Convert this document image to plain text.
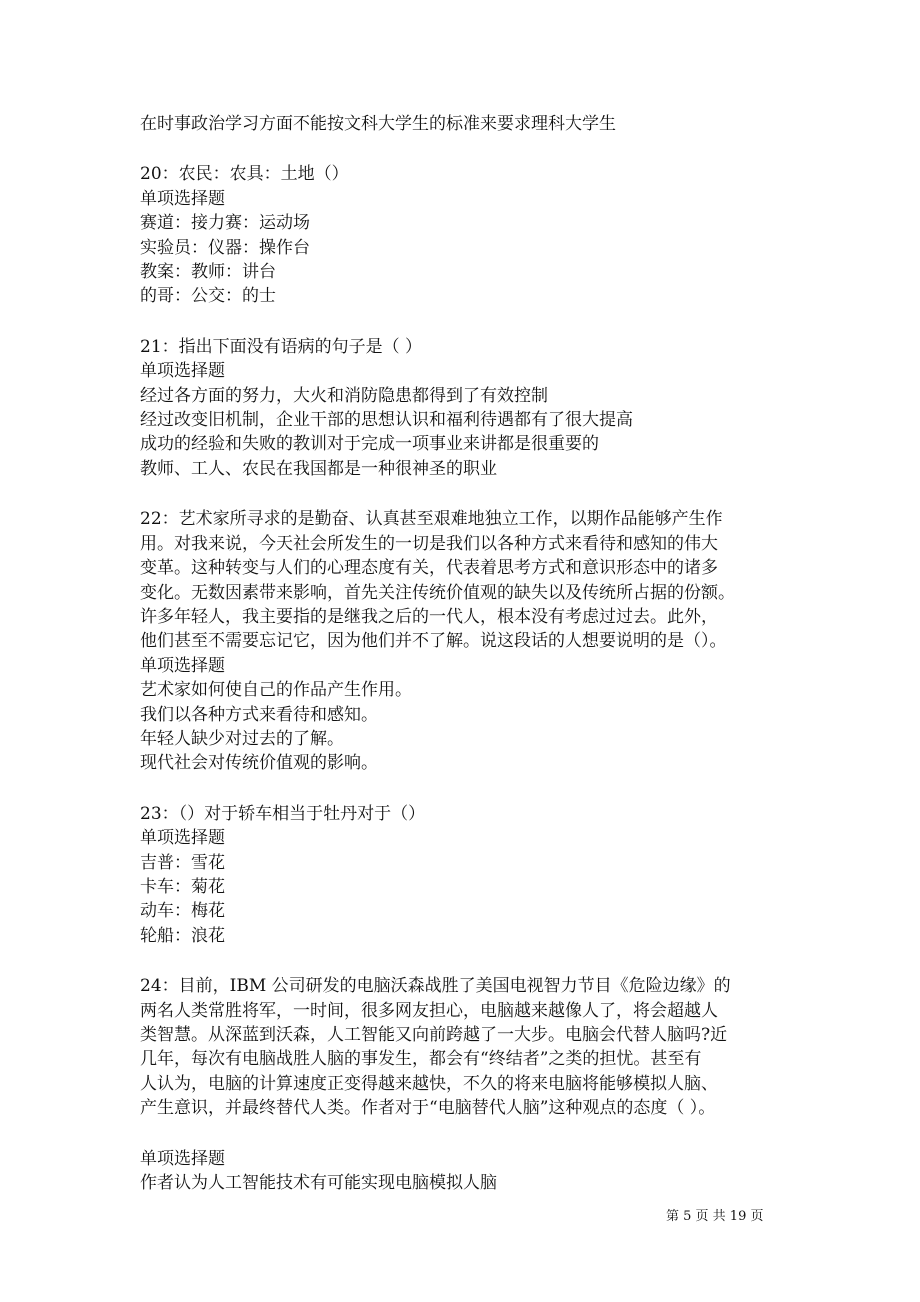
在时事政治学习方面不能按文科大学生的标准来要求理科大学生
20：农民：农具：土地（）
单项选择题
赛道：接力赛：运动场
实验员：仪器：操作台
教案：教师：讲台
的哥：公交：的士
21：指出下面没有语病的句子是（ ）
单项选择题
经过各方面的努力，大火和消防隐患都得到了有效控制
经过改变旧机制，企业干部的思想认识和福利待遇都有了很大提高
成功的经验和失败的教训对于完成一项事业来讲都是很重要的
教师、工人、农民在我国都是一种很神圣的职业
22：艺术家所寻求的是勤奋、认真甚至艰难地独立工作，以期作品能够产生作
用。对我来说，今天社会所发生的一切是我们以各种方式来看待和感知的伟大
变革。这种转变与人们的心理态度有关，代表着思考方式和意识形态中的诸多
变化。无数因素带来影响，首先关注传统价值观的缺失以及传统所占据的份额。
许多年轻人，我主要指的是继我之后的一代人，根本没有考虑过过去。此外，
他们甚至不需要忘记它，因为他们并不了解。说这段话的人想要说明的是（）。
单项选择题
艺术家如何使自己的作品产生作用。
我们以各种方式来看待和感知。
年轻人缺少对过去的了解。
现代社会对传统价值观的影响。
23：（）对于轿车相当于牡丹对于（）
单项选择题
吉普：雪花
卡车：菊花
动车：梅花
轮船：浪花
24：目前，IBM 公司研发的电脑沃森战胜了美国电视智力节目《危险边缘》的
两名人类常胜将军，一时间，很多网友担心，电脑越来越像人了，将会超越人
类智慧。从深蓝到沃森，人工智能又向前跨越了一大步。电脑会代替人脑吗?近
几年，每次有电脑战胜人脑的事发生，都会有“终结者”之类的担忧。甚至有
人认为，电脑的计算速度正变得越来越快，不久的将来电脑将能够模拟人脑、
产生意识，并最终替代人类。作者对于“电脑替代人脑”这种观点的态度（ ）。
单项选择题
作者认为人工智能技术有可能实现电脑模拟人脑
第 5 页 共 19 页
